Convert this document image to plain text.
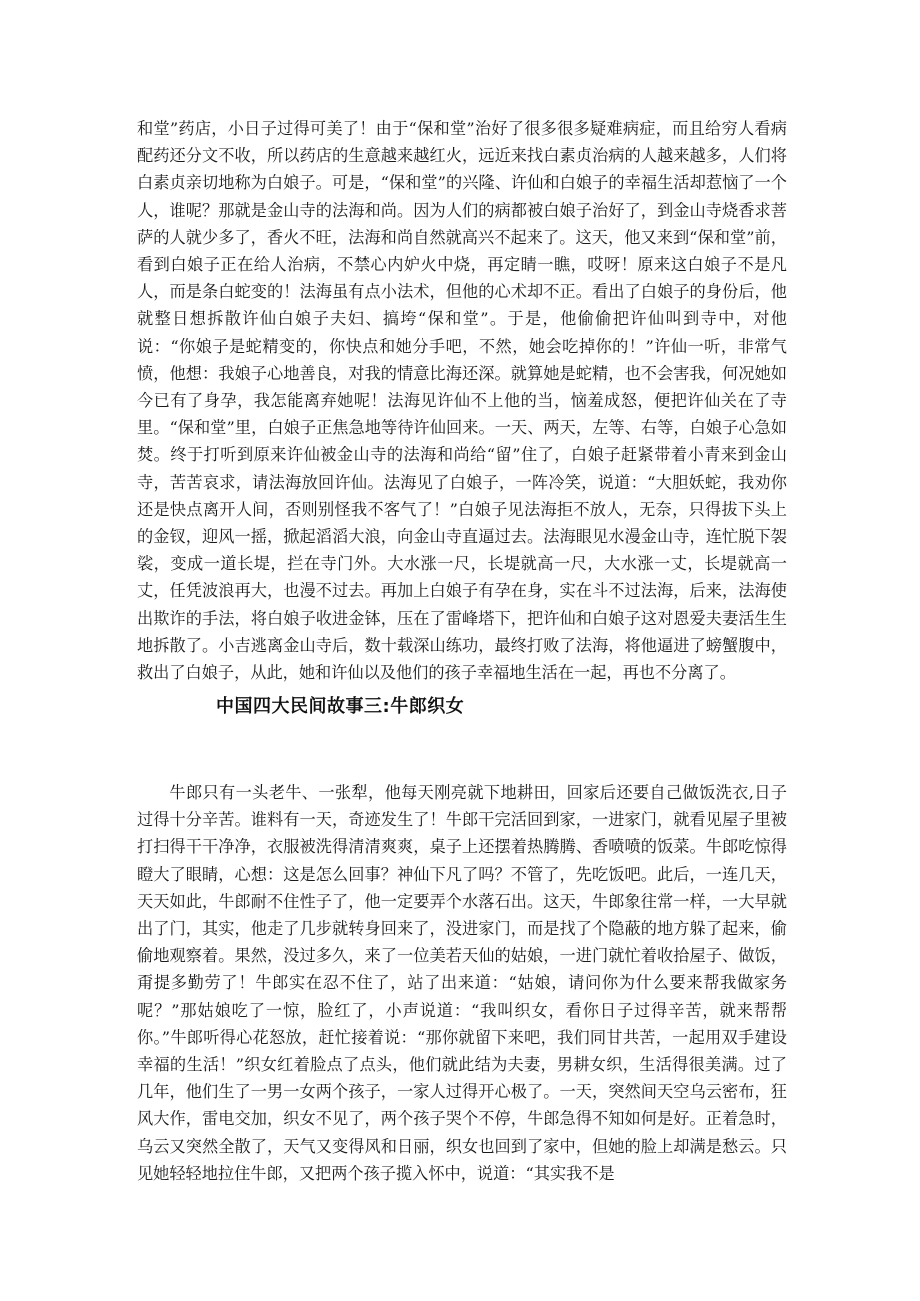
和堂”药店，小日子过得可美了！由于“保和堂”治好了很多很多疑难病症，而且给穷人看病配药还分文不收，所以药店的生意越来越红火，远近来找白素贞治病的人越来越多，人们将白素贞亲切地称为白娘子。可是，“保和堂”的兴隆、许仙和白娘子的幸福生活却惹恼了一个人，谁呢？那就是金山寺的法海和尚。因为人们的病都被白娘子治好了，到金山寺烧香求菩萨的人就少多了，香火不旺，法海和尚自然就高兴不起来了。这天，他又来到“保和堂”前，看到白娘子正在给人治病，不禁心内妒火中烧，再定睛一瞧，哎呀！原来这白娘子不是凡人，而是条白蛇变的！法海虽有点小法术，但他的心术却不正。看出了白娘子的身份后，他就整日想拆散许仙白娘子夫妇、搞垮“保和堂”。于是，他偷偷把许仙叫到寺中，对他说：“你娘子是蛇精变的，你快点和她分手吧，不然，她会吃掉你的！”许仙一听，非常气愤，他想：我娘子心地善良，对我的情意比海还深。就算她是蛇精，也不会害我，何况她如今已有了身孕，我怎能离弃她呢！法海见许仙不上他的当，恼羞成怒，便把许仙关在了寺里。“保和堂”里，白娘子正焦急地等待许仙回来。一天、两天，左等、右等，白娘子心急如焚。终于打听到原来许仙被金山寺的法海和尚给“留”住了，白娘子赶紧带着小青来到金山寺，苦苦哀求，请法海放回许仙。法海见了白娘子，一阵冷笑，说道：“大胆妖蛇，我劝你还是快点离开人间，否则别怪我不客气了！”白娘子见法海拒不放人，无奈，只得拔下头上的金钗，迎风一摇，掀起滔滔大浪，向金山寺直逼过去。法海眼见水漫金山寺，连忙脱下袈裟，变成一道长堤，拦在寺门外。大水涨一尺，长堤就高一尺，大水涨一丈，长堤就高一丈，任凭波浪再大，也漫不过去。再加上白娘子有孕在身，实在斗不过法海，后来，法海使出欺诈的手法，将白娘子收进金钵，压在了雷峰塔下，把许仙和白娘子这对恩爱夫妻活生生地拆散了。小吉逃离金山寺后，数十载深山练功，最终打败了法海，将他逼进了螃蟹腹中，救出了白娘子，从此，她和许仙以及他们的孩子幸福地生活在一起，再也不分离了。

中国四大民间故事三:牛郎织女

牛郎只有一头老牛、一张犁，他每天刚亮就下地耕田，回家后还要自己做饭洗衣,日子过得十分辛苦。谁料有一天，奇迹发生了！牛郎干完活回到家，一进家门，就看见屋子里被打扫得干干净净，衣服被洗得清清爽爽，桌子上还摆着热腾腾、香喷喷的饭菜。牛郎吃惊得瞪大了眼睛，心想：这是怎么回事？神仙下凡了吗？不管了，先吃饭吧。此后，一连几天，天天如此，牛郎耐不住性子了，他一定要弄个水落石出。这天，牛郎象往常一样，一大早就出了门，其实，他走了几步就转身回来了，没进家门，而是找了个隐蔽的地方躲了起来，偷偷地观察着。果然，没过多久，来了一位美若天仙的姑娘，一进门就忙着收拾屋子、做饭，甭提多勤劳了！牛郎实在忍不住了，站了出来道：“姑娘，请问你为什么要来帮我做家务呢？”那姑娘吃了一惊，脸红了，小声说道：“我叫织女，看你日子过得辛苦，就来帮帮你。”牛郎听得心花怒放，赶忙接着说：“那你就留下来吧，我们同甘共苦，一起用双手建设幸福的生活！”织女红着脸点了点头，他们就此结为夫妻，男耕女织，生活得很美满。过了几年，他们生了一男一女两个孩子，一家人过得开心极了。一天，突然间天空乌云密布，狂风大作，雷电交加，织女不见了，两个孩子哭个不停，牛郎急得不知如何是好。正着急时，乌云又突然全散了，天气又变得风和日丽，织女也回到了家中，但她的脸上却满是愁云。只见她轻轻地拉住牛郎，又把两个孩子揽入怀中，说道：“其实我不是
